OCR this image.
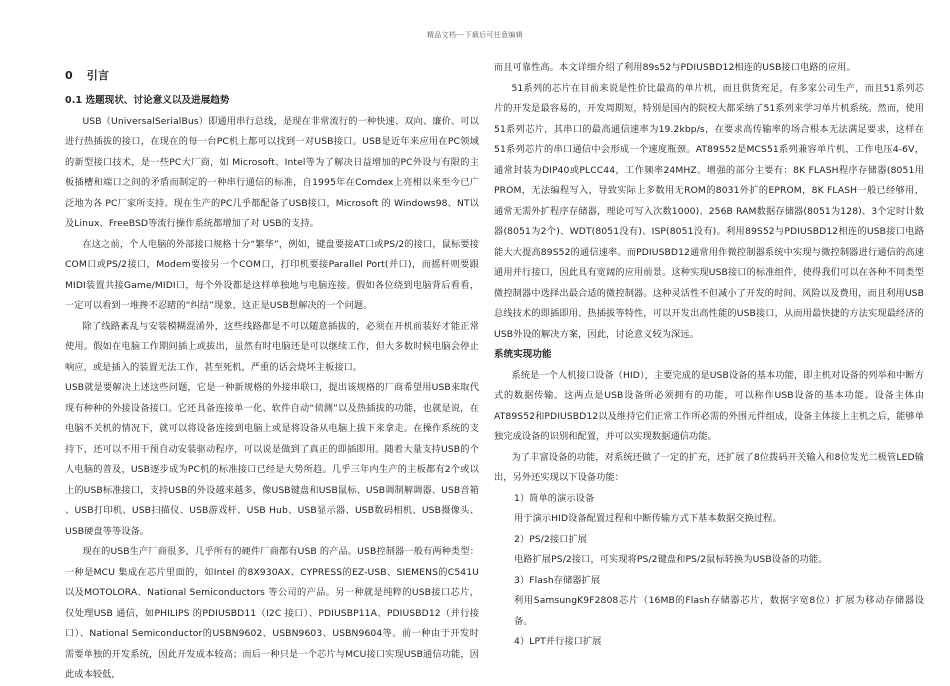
精品文档---下载后可任意编辑
0 引言
0.1 选题现状、讨论意义以及进展趋势

USB（UniversalSerialBus）即通用串行总线，是现在非常流行的一种快速、双向、廉价、可以进行热插拔的接口，在现在的每一台PC机上都可以找到一对USB接口。USB是近年来应用在PC领域的新型接口技术，是一些PC大厂商，如 Microsoft、Intel等为了解决日益增加的PC外设与有限的主板插槽和端口之间的矛盾而制定的一种串行通信的标准，自1995年在Comdex上亮相以来至今已广泛地为各 PC厂家所支持。现在生产的PC几乎都配备了USB接口，Microsoft 的 Windows98、NT以及Linux、FreeBSD等流行操作系统都增加了对 USB的支持。

在这之前，个人电脑的外部接口规格十分“繁华”，例如，键盘要接AT口或PS/2的接口，鼠标要接COM口或PS/2接口，Modem要接另一个COM口，打印机要接Parallel Port(并口)，而摇杆则要跟MIDI装置共接Game/MIDI口，每个外设都是这样单独地与电脑连接。假如各位绕到电脑背后看看，一定可以看到一堆搀不忍睹的“纠结”现象，这正是USB想解决的一个问题。

除了线路紊乱与安装模糊混淆外，这些线路都是不可以随意插拔的，必须在开机前装好才能正常使用。假如在电脑工作期间插上或拔出，虽然有时电脑还是可以继续工作，但大多数时候电脑会停止响应，或是插入的装置无法工作，甚至死机，严重的话会烧坏主板接口。

USB就是要解决上述这些问题，它是一种新规格的外接串联口，提出该规格的厂商希望用USB来取代现有种种的外接设备接口。它还具备连接单一化、软件自动“侦测”以及热插拔的功能，也就是说，在电脑不关机的情况下，就可以将设备连接到电脑上或是将设备从电脑上拔下来拿走。在操作系统的支持下，还可以不用干预自动安装驱动程序，可以说是做到了真正的即插即用。随着大量支持USB的个人电脑的普及，USB逐步成为PC机的标准接口已经是大势所趋。几乎三年内生产的主板都有2个或以上的USB标准接口，支持USB的外设越来越多，像USB键盘和USB鼠标、USB调制解调器、USB音箱 、USB打印机、USB扫描仪、USB游戏杆、USB Hub、USB显示器、USB数码相机、USB摄像头、USB硬盘等等设备。

现在的USB生产厂商很多，几乎所有的硬件厂商都有USB 的产品。USB控制器一般有两种类型：一种是MCU 集成在芯片里面的，如Intel 的8X930AX、CYPRESS的EZ-USB、SIEMENS的C541U以及MOTOLORA、National Semiconductors 等公司的产品。另一种就是纯粹的USB接口芯片，仅处理USB 通信，如PHILIPS 的PDIUSBD11（I2C 接口）、PDIUSBP11A、PDIUSBD12（并行接口）、National Semiconductor的USBN9602、USBN9603、USBN9604等。前一种由于开发时需要单独的开发系统，因此开发成本较高；而后一种只是一个芯片与MCU接口实现USB通信功能，因此成本较低，

而且可靠性高。本文详细介绍了利用89s52与PDIUSBD12相连的USB接口电路的应用。

51系列的芯片在目前来说是性价比最高的单片机，而且供货充足，有多家公司生产，而且51系列芯片的开发是最容易的，开发周期短，特别是国内的院校大都采纳了51系列来学习单片机系统。然而，使用51系列芯片，其串口的最高通信速率为19.2kbp/s，在要求高传输率的场合根本无法满足要求，这样在51系列芯片的串口通信中会形成一个速度瓶颈。AT89S52是MCS51系列兼容单片机，工作电压4-6V，通常封装为DIP40或PLCC44，工作频率24MHZ。增强的部分主要有：8K FLASH程序存储器(8051用PROM，无法编程写入，导致实际上多数用无ROM的8031外扩的EPROM，8K FLASH一般已经够用，通常无需外扩程序存储器，理论可写入次数1000)、256B RAM数据存储器(8051为128)、3个定时计数器(8051为2个)、WDT(8051没有)、ISP(8051没有)。利用89S52与PDIUSBD12相连的USB接口电路能大大提高89S52的通信速率。而PDIUSBD12通常用作微控制器系统中实现与微控制器进行通信的高速通用并行接口，因此具有宽阔的应用前景。这种实现USB接口的标准组件，使得我们可以在各种不同类型微控制器中选择出最合适的微控制器。这种灵活性不但减小了开发的时间、风险以及费用，而且利用USB总线技术的即插即用、热插拔等特性，可以开发出高性能的USB接口，从而用最快捷的方法实现最经济的USB外设的解决方案，因此，讨论意义较为深远。

系统实现功能

系统是一个人机接口设备（HID），主要完成的是USB设备的基本功能，即主机对设备的列举和中断方式的数据传输。这两点是USB设备所必须拥有的功能，可以称作USB设备的基本功能。设备主体由AT89S52和PDIUSBD12以及维持它们正常工作所必需的外围元件组成，设备主体接上主机之后，能够单独完成设备的识别和配置，并可以实现数据通信功能。

为了丰富设备的功能，对系统还做了一定的扩充，还扩展了8位拨码开关输入和8位发光二极管LED输出，另外还实现以下设备功能：

1）简单的演示设备

用于演示HID设备配置过程和中断传输方式下基本数据交换过程。

2）PS/2接口扩展

电路扩展PS/2接口，可实现将PS/2键盘和PS/2鼠标转换为USB设备的功能。

3）Flash存储器扩展

利用SamsungK9F2808芯片（16MB的Flash存储器芯片，数据字宽8位）扩展为移动存储器设备。

4）LPT并行接口扩展
